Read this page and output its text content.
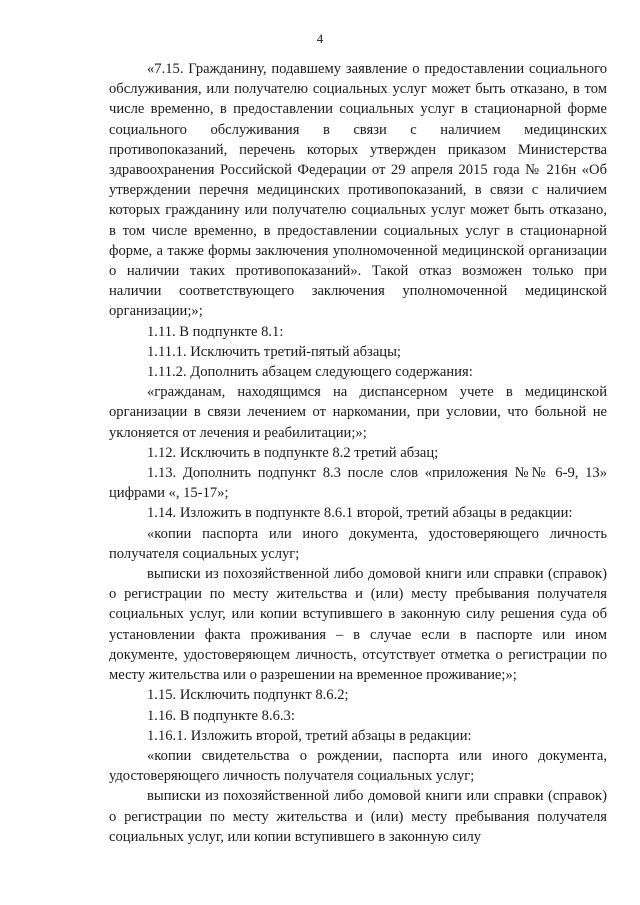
4

«7.15. Гражданину, подавшему заявление о предоставлении социального обслуживания, или получателю социальных услуг может быть отказано, в том числе временно, в предоставлении социальных услуг в стационарной форме социального обслуживания в связи с наличием медицинских противопоказаний, перечень которых утвержден приказом Министерства здравоохранения Российской Федерации от 29 апреля 2015 года № 216н «Об утверждении перечня медицинских противопоказаний, в связи с наличием которых гражданину или получателю социальных услуг может быть отказано, в том числе временно, в предоставлении социальных услуг в стационарной форме, а также формы заключения уполномоченной медицинской организации о наличии таких противопоказаний». Такой отказ возможен только при наличии соответствующего заключения уполномоченной медицинской организации;»;

1.11. В подпункте 8.1:

1.11.1. Исключить третий-пятый абзацы;

1.11.2. Дополнить абзацем следующего содержания:

«гражданам, находящимся на диспансерном учете в медицинской организации в связи лечением от наркомании, при условии, что больной не уклоняется от лечения и реабилитации;»;

1.12. Исключить в подпункте 8.2 третий абзац;

1.13. Дополнить подпункт 8.3 после слов «приложения №№ 6-9, 13» цифрами «, 15-17»;

1.14. Изложить в подпункте 8.6.1 второй, третий абзацы в редакции:

«копии паспорта или иного документа, удостоверяющего личность получателя социальных услуг;

выписки из похозяйственной либо домовой книги или справки (справок) о регистрации по месту жительства и (или) месту пребывания получателя социальных услуг, или копии вступившего в законную силу решения суда об установлении факта проживания – в случае если в паспорте или ином документе, удостоверяющем личность, отсутствует отметка о регистрации по месту жительства или о разрешении на временное проживание;»;

1.15. Исключить подпункт 8.6.2;

1.16. В подпункте 8.6.3:

1.16.1. Изложить второй, третий абзацы в редакции:

«копии свидетельства о рождении, паспорта или иного документа, удостоверяющего личность получателя социальных услуг;

выписки из похозяйственной либо домовой книги или справки (справок) о регистрации по месту жительства и (или) месту пребывания получателя социальных услуг, или копии вступившего в законную силу
